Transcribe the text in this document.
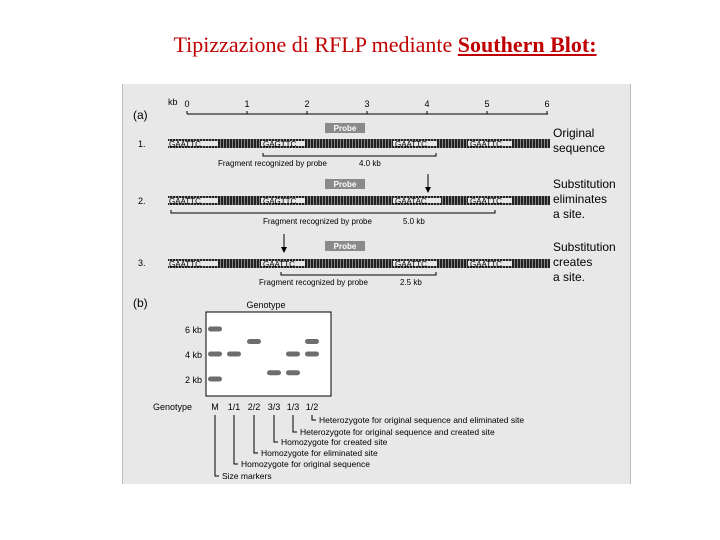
Tipizzazione di RFLP mediante Southern Blot:
(a)
kb 0	1	2	3	4	5	6
1.
Probe
GAATTC	GAGTTC	GAATTC	GAATTC
Fragment recognized by probe	4.0 kb
Original
sequence
2.
Probe
GAATTC	GAGTTC	GAATAC	GAATTC
Fragment recognized by probe	5.0 kb
Substitution
eliminates
a site.
3.
Probe
GAATTC	GAATTC	GAATTC	GAATTC
Fragment recognized by probe	2.5 kb
Substitution
creates
a site.
(b)	Genotype
6 kb
4 kb
2 kb
Genotype M 1/1 2/2 3/3 1/3 1/2
Heterozygote for original sequence and eliminated site
Heterozygote for original sequence and created site
Homozygote for created site
Homozygote for eliminated site
Homozygote for original sequence
Size markers
